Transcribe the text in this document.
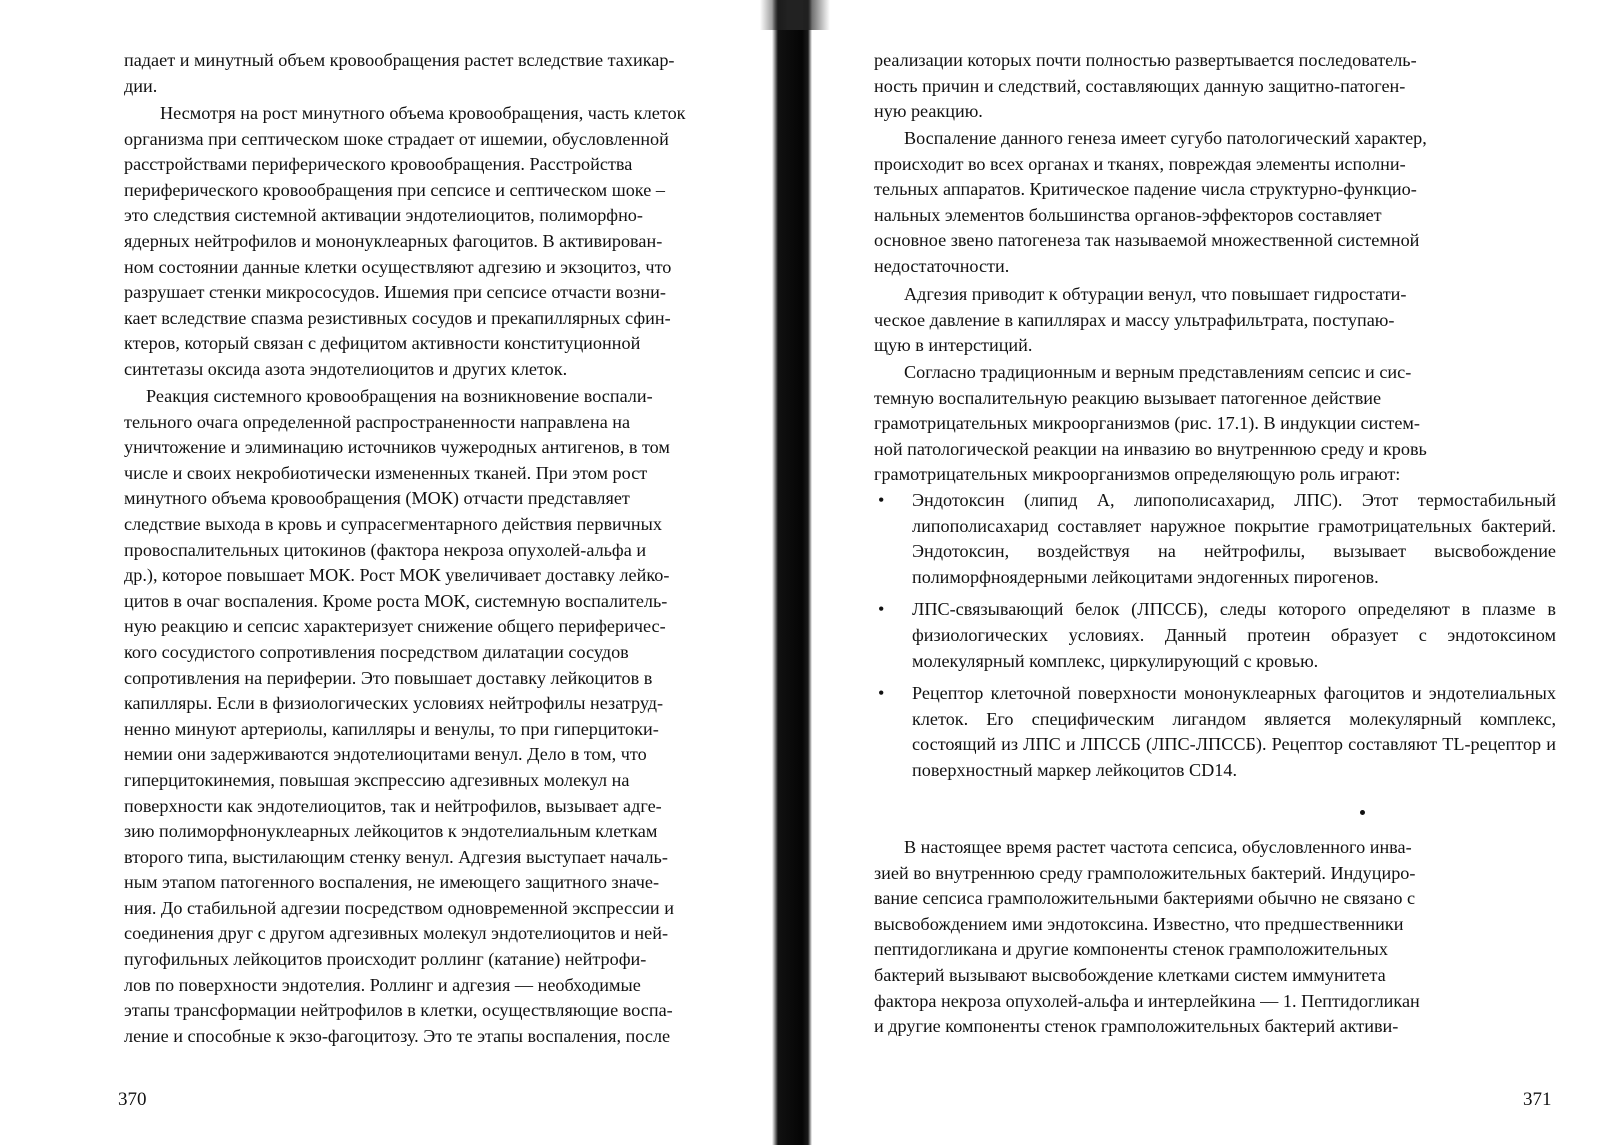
падает и минутный объем кровообращения растет вследствие тахикар-
дии.
Несмотря на рост минутного объема кровообращения, часть клеток
организма при септическом шоке страдает от ишемии, обусловленной
расстройствами периферического кровообращения. Расстройства
периферического кровообращения при сепсисе и септическом шоке –
это следствия системной активации эндотелиоцитов, полиморфно-
ядерных нейтрофилов и мононуклеарных фагоцитов. В активирован-
ном состоянии данные клетки осуществляют адгезию и экзоцитоз, что
разрушает стенки микрососудов. Ишемия при сепсисе отчасти возни-
кает вследствие спазма резистивных сосудов и прекапиллярных сфин-
ктеров, который связан с дефицитом активности конституционной
синтетазы оксида азота эндотелиоцитов и других клеток.
Реакция системного кровообращения на возникновение воспали-
тельного очага определенной распространенности направлена на
уничтожение и элиминацию источников чужеродных антигенов, в том
числе и своих некробиотически измененных тканей. При этом рост
минутного объема кровообращения (МОК) отчасти представляет
следствие выхода в кровь и супрасегментарного действия первичных
провоспалительных цитокинов (фактора некроза опухолей-альфа и
др.), которое повышает МОК. Рост МОК увеличивает доставку лейко-
цитов в очаг воспаления. Кроме роста МОК, системную воспалитель-
ную реакцию и сепсис характеризует снижение общего периферичес-
кого сосудистого сопротивления посредством дилатации сосудов
сопротивления на периферии. Это повышает доставку лейкоцитов в
капилляры. Если в физиологических условиях нейтрофилы незатруд-
ненно минуют артериолы, капилляры и венулы, то при гиперцитоки-
немии они задерживаются эндотелиоцитами венул. Дело в том, что
гиперцитокинемия, повышая экспрессию адгезивных молекул на
поверхности как эндотелиоцитов, так и нейтрофилов, вызывает адге-
зию полиморфнонуклеарных лейкоцитов к эндотелиальным клеткам
второго типа, выстилающим стенку венул. Адгезия выступает началь-
ным этапом патогенного воспаления, не имеющего защитного значе-
ния. До стабильной адгезии посредством одновременной экспрессии и
соединения друг с другом адгезивных молекул эндотелиоцитов и ней-
пугофильных лейкоцитов происходит роллинг (катание) нейтрофи-
лов по поверхности эндотелия. Роллинг и адгезия — необходимые
этапы трансформации нейтрофилов в клетки, осуществляющие воспа-
ление и способные к экзо-фагоцитозу. Это те этапы воспаления, после
370
реализации которых почти полностью развертывается последователь-
ность причин и следствий, составляющих данную защитно-патоген-
ную реакцию.
Воспаление данного генеза имеет сугубо патологический характер,
происходит во всех органах и тканях, повреждая элементы исполни-
тельных аппаратов. Критическое падение числа структурно-функцио-
нальных элементов большинства органов-эффекторов составляет
основное звено патогенеза так называемой множественной системной
недостаточности.
Адгезия приводит к обтурации венул, что повышает гидростати-
ческое давление в капиллярах и массу ультрафильтрата, поступаю-
щую в интерстиций.
Согласно традиционным и верным представлениям сепсис и сис-
темную воспалительную реакцию вызывает патогенное действие
грамотрицательных микроорганизмов (рис. 17.1). В индукции систем-
ной патологической реакции на инвазию во внутреннюю среду и кровь
грамотрицательных микроорганизмов определяющую роль играют:
• Эндотоксин (липид А, липополисахарид, ЛПС). Этот термостабильный липополисахарид составляет наружное покрытие грамотрицательных бактерий. Эндотоксин, воздействуя на нейтрофилы, вызывает высвобождение полиморфноядерными лейкоцитами эндогенных пирогенов.
• ЛПС-связывающий белок (ЛПССБ), следы которого определяют в плазме в физиологических условиях. Данный протеин образует с эндотоксином молекулярный комплекс, циркулирующий с кровью.
• Рецептор клеточной поверхности мононуклеарных фагоцитов и эндотелиальных клеток. Его специфическим лигандом является молекулярный комплекс, состоящий из ЛПС и ЛПССБ (ЛПС-ЛПССБ). Рецептор составляют TL-рецептор и поверхностный маркер лейкоцитов CD14.
В настоящее время растет частота сепсиса, обусловленного инва-
зией во внутреннюю среду грамположительных бактерий. Индуциро-
вание сепсиса грамположительными бактериями обычно не связано с
высвобождением ими эндотоксина. Известно, что предшественники
пептидогликана и другие компоненты стенок грамположительных
бактерий вызывают высвобождение клетками систем иммунитета
фактора некроза опухолей-альфа и интерлейкина — 1. Пептидогликан
и другие компоненты стенок грамположительных бактерий активи-
371
